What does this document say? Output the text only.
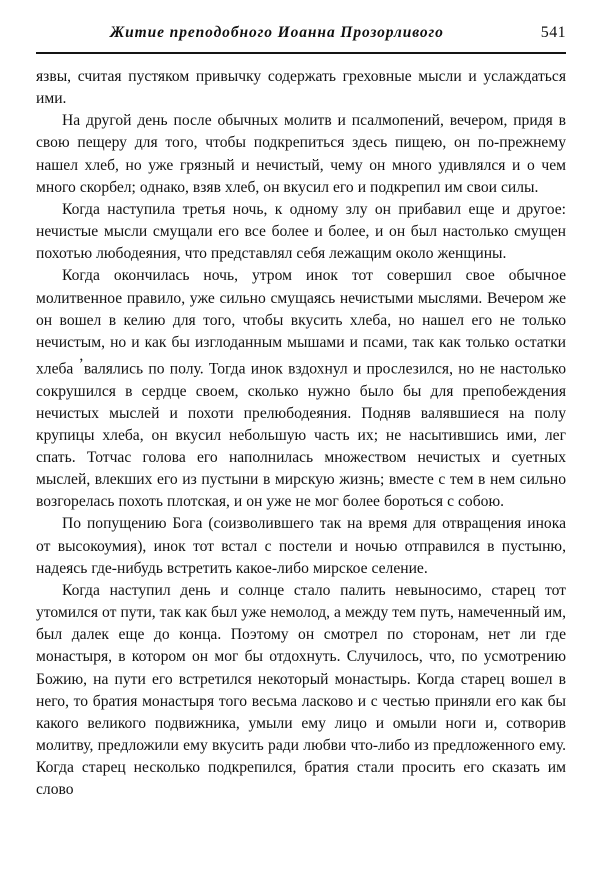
Житие преподобного Иоанна Прозорливого	541

язвы, считая пустяком привычку содержать греховные мысли и услаждаться ими.

На другой день после обычных молитв и псалмопений, вечером, придя в свою пещеру для того, чтобы подкрепиться здесь пищею, он по-прежнему нашел хлеб, но уже грязный и нечистый, чему он много удивлялся и о чем много скорбел; однако, взяв хлеб, он вкусил его и подкрепил им свои силы.

Когда наступила третья ночь, к одному злу он прибавил еще и другое: нечистые мысли смущали его все более и более, и он был настолько смущен похотью любодеяния, что представлял себя лежащим около женщины.

Когда окончилась ночь, утром инок тот совершил свое обычное молитвенное правило, уже сильно смущаясь нечистыми мыслями. Вечером же он вошел в келию для того, чтобы вкусить хлеба, но нашел его не только нечистым, но и как бы изглоданным мышами и псами, так как только остатки хлеба ʼвалялись по полу. Тогда инок вздохнул и прослезился, но не настолько сокрушился в сердце своем, сколько нужно было бы для препобеждения нечистых мыслей и похоти прелюбодеяния. Подняв валявшиеся на полу крупицы хлеба, он вкусил небольшую часть их; не насытившись ими, лег спать. Тотчас голова его наполнилась множеством нечистых и суетных мыслей, влекших его из пустыни в мирскую жизнь; вместе с тем в нем сильно возгорелась похоть плотская, и он уже не мог более бороться с собою.

По попущению Бога (соизволившего так на время для отвращения инока от высокоумия), инок тот встал с постели и ночью отправился в пустыню, надеясь где-нибудь встретить какое-либо мирское селение.

Когда наступил день и солнце стало палить невыносимо, старец тот утомился от пути, так как был уже немолод, а между тем путь, намеченный им, был далек еще до конца. Поэтому он смотрел по сторонам, нет ли где монастыря, в котором он мог бы отдохнуть. Случилось, что, по усмотрению Божию, на пути его встретился некоторый монастырь. Когда старец вошел в него, то братия монастыря того весьма ласково и с честью приняли его как бы какого великого подвижника, умыли ему лицо и омыли ноги и, сотворив молитву, предложили ему вкусить ради любви что-либо из предложенного ему. Когда старец несколько подкрепился, братия стали просить его сказать им слово
